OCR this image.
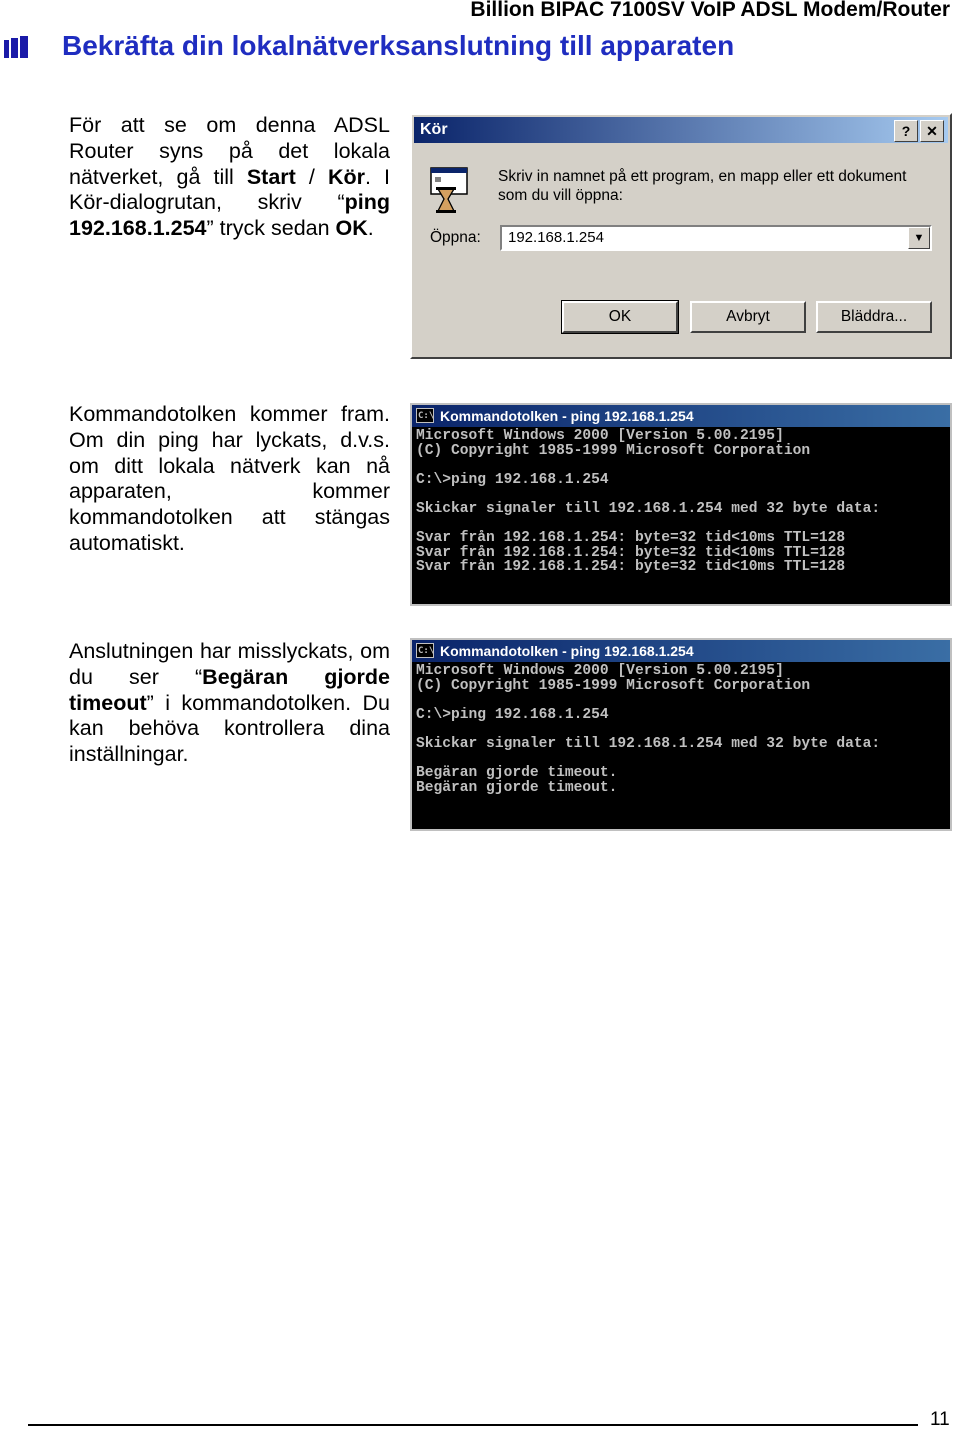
Billion BIPAC 7100SV VoIP ADSL Modem/Router
Bekräfta din lokalnätverksanslutning till apparaten
För att se om denna ADSL Router syns på det lokala nätverket, gå till Start / Kör. I Kör-dialogrutan, skriv “ping 192.168.1.254” tryck sedan OK.
Kör	?	✕
Skriv in namnet på ett program, en mapp eller ett dokument som du vill öppna:
Öppna: 192.168.1.254	▼
OK	Avbryt	Bläddra...
Kommandotolken kommer fram. Om din ping har lyckats, d.v.s. om ditt lokala nätverk kan nå apparaten, kommer kommandotolken att stängas automatiskt.
C:\ Kommandotolken - ping 192.168.1.254
Microsoft Windows 2000 [Version 5.00.2195]
(C) Copyright 1985-1999 Microsoft Corporation

C:\>ping 192.168.1.254

Skickar signaler till 192.168.1.254 med 32 byte data:

Svar från 192.168.1.254: byte=32 tid<10ms TTL=128
Svar från 192.168.1.254: byte=32 tid<10ms TTL=128
Svar från 192.168.1.254: byte=32 tid<10ms TTL=128
Anslutningen har misslyckats, om du ser “Begäran gjorde timeout” i kommandotolken. Du kan behöva kontrollera dina inställningar.
C:\ Kommandotolken - ping 192.168.1.254
Microsoft Windows 2000 [Version 5.00.2195]
(C) Copyright 1985-1999 Microsoft Corporation

C:\>ping 192.168.1.254

Skickar signaler till 192.168.1.254 med 32 byte data:

Begäran gjorde timeout.
Begäran gjorde timeout.
11
